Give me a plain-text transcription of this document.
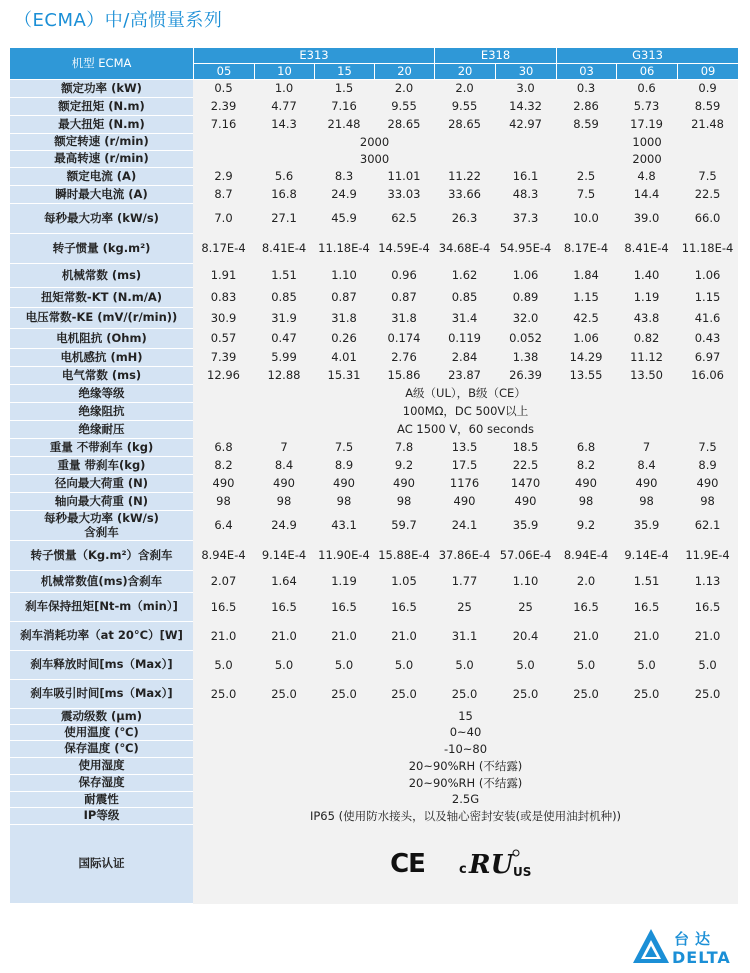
（ECMA）中/高惯量系列
机型 ECMA	E313				E318		G313		
	05	10	15	20	20	30	03	06	09
额定功率 (kW)	0.5	1.0	1.5	2.0	2.0	3.0	0.3	0.6	0.9
额定扭矩 (N.m)	2.39	4.77	7.16	9.55	9.55	14.32	2.86	5.73	8.59
最大扭矩 (N.m)	7.16	14.3	21.48	28.65	28.65	42.97	8.59	17.19	21.48
额定转速 (r/min)	2000						1000		
最高转速 (r/min)	3000						2000		
额定电流 (A)	2.9	5.6	8.3	11.01	11.22	16.1	2.5	4.8	7.5
瞬时最大电流 (A)	8.7	16.8	24.9	33.03	33.66	48.3	7.5	14.4	22.5
每秒最大功率 (kW/s)	7.0	27.1	45.9	62.5	26.3	37.3	10.0	39.0	66.0
转子惯量 (kg.m²)	8.17E-4	8.41E-4	11.18E-4	14.59E-4	34.68E-4	54.95E-4	8.17E-4	8.41E-4	11.18E-4
机械常数 (ms)	1.91	1.51	1.10	0.96	1.62	1.06	1.84	1.40	1.06
扭矩常数-KT (N.m/A)	0.83	0.85	0.87	0.87	0.85	0.89	1.15	1.19	1.15
电压常数-KE (mV/(r/min))	30.9	31.9	31.8	31.8	31.4	32.0	42.5	43.8	41.6
电机阻抗 (Ohm)	0.57	0.47	0.26	0.174	0.119	0.052	1.06	0.82	0.43
电机感抗 (mH)	7.39	5.99	4.01	2.76	2.84	1.38	14.29	11.12	6.97
电气常数 (ms)	12.96	12.88	15.31	15.86	23.87	26.39	13.55	13.50	16.06
绝缘等级	A级（UL），B级（CE）								
绝缘阻抗	100MΩ，DC 500V以上								
绝缘耐压	AC 1500 V，60 seconds								
重量 不带刹车 (kg)	6.8	7	7.5	7.8	13.5	18.5	6.8	7	7.5
重量 带刹车(kg)	8.2	8.4	8.9	9.2	17.5	22.5	8.2	8.4	8.9
径向最大荷重 (N)	490	490	490	490	1176	1470	490	490	490
轴向最大荷重 (N)	98	98	98	98	490	490	98	98	98
每秒最大功率 (kW/s)
含刹车	6.4	24.9	43.1	59.7	24.1	35.9	9.2	35.9	62.1
转子惯量（Kg.m²）含刹车	8.94E-4	9.14E-4	11.90E-4	15.88E-4	37.86E-4	57.06E-4	8.94E-4	9.14E-4	11.9E-4
机械常数值(ms)含刹车	2.07	1.64	1.19	1.05	1.77	1.10	2.0	1.51	1.13
刹车保持扭矩[Nt-m（min）]	16.5	16.5	16.5	16.5	25	25	16.5	16.5	16.5
刹车消耗功率（at 20°C）[W]	21.0	21.0	21.0	21.0	31.1	20.4	21.0	21.0	21.0
刹车释放时间[ms（Max）]	5.0	5.0	5.0	5.0	5.0	5.0	5.0	5.0	5.0
刹车吸引时间[ms（Max）]	25.0	25.0	25.0	25.0	25.0	25.0	25.0	25.0	25.0
震动级数 (μm)	15								
使用温度 (℃)	0~40								
保存温度 (℃)	-10~80								
使用湿度	20~90%RH (不结露)								
保存湿度	20~90%RH (不结露)								
耐震性	2.5G								
IP等级	IP65 (使用防水接头，以及轴心密封安装(或是使用油封机种))								
国际认证	CE c RU US								
台达
DELTA
